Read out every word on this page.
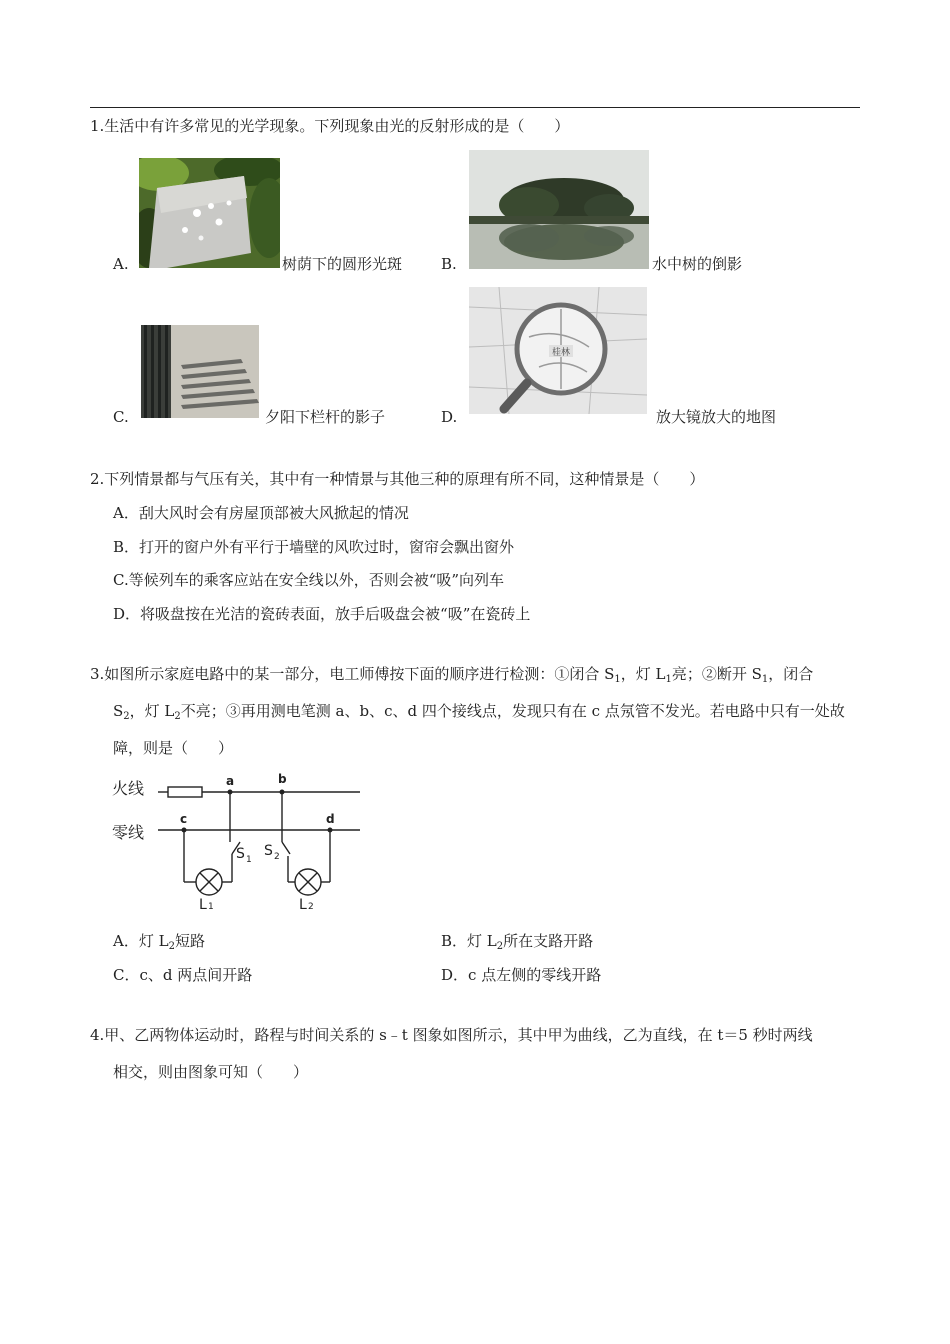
1.生活中有许多常见的光学现象。下列现象由光的反射形成的是（　　）
A.	树荫下的圆形光斑	B.	水中树的倒影
C.	夕阳下栏杆的影子
桂林
D.	放大镜放大的地图
2.下列情景都与气压有关，其中有一种情景与其他三种的原理有所不同，这种情景是（　　）
A．刮大风时会有房屋顶部被大风掀起的情况
B．打开的窗户外有平行于墙壁的风吹过时，窗帘会飘出窗外
C.等候列车的乘客应站在安全线以外，否则会被“吸”向列车
D．将吸盘按在光洁的瓷砖表面，放手后吸盘会被“吸”在瓷砖上
3.如图所示家庭电路中的某一部分，电工师傅按下面的顺序进行检测：①闭合 $S_1$，灯 $L_1$亮；②断开 $S_1$，闭合
$S_2$，灯 $L_2$不亮；③再用测电笔测 a、b、c、d 四个接线点，发现只有在 c 点氖管不发光。若电路中只有一处故
障，则是（　　）
火线
零线
a	b
c	d
S 1
S 2
L 1	L 2
A．灯 $L_2$短路	B．灯 $L_2$所在支路开路
C．c、d 两点间开路	D．c 点左侧的零线开路
4.甲、乙两物体运动时，路程与时间关系的 s﹣t 图象如图所示，其中甲为曲线，乙为直线，在 t＝5 秒时两线
相交，则由图象可知（　　）
